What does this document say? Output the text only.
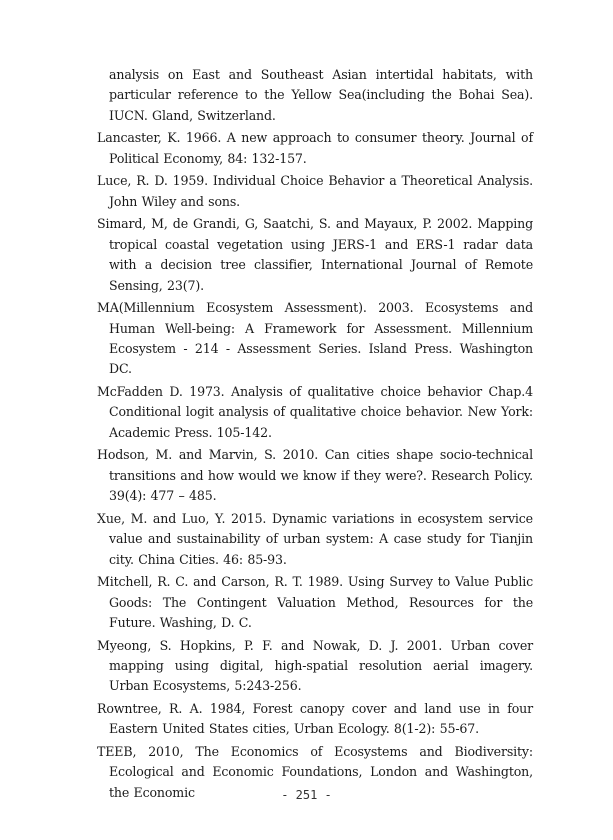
analysis on East and Southeast Asian intertidal habitats, with particular reference to the Yellow Sea(including the Bohai Sea). IUCN. Gland, Switzerland.

Lancaster, K. 1966. A new approach to consumer theory. Journal of Political Economy, 84: 132-157.

Luce, R. D. 1959. Individual Choice Behavior a Theoretical Analysis. John Wiley and sons.

Simard, M, de Grandi, G, Saatchi, S. and Mayaux, P. 2002. Mapping tropical coastal vegetation using JERS-1 and ERS-1 radar data with a decision tree classifier, International Journal of Remote Sensing, 23(7).

MA(Millennium Ecosystem Assessment). 2003. Ecosystems and Human Well-being: A Framework for Assessment. Millennium Ecosystem - 214 - Assessment Series. Island Press. Washington DC.

McFadden D. 1973. Analysis of qualitative choice behavior Chap.4 Conditional logit analysis of qualitative choice behavior. New York: Academic Press. 105-142.

Hodson, M. and Marvin, S. 2010. Can cities shape socio-technical transitions and how would we know if they were?. Research Policy. 39(4): 477 – 485.

Xue, M. and Luo, Y. 2015. Dynamic variations in ecosystem service value and sustainability of urban system: A case study for Tianjin city. China Cities. 46: 85-93.

Mitchell, R. C. and Carson, R. T. 1989. Using Survey to Value Public Goods: The Contingent Valuation Method, Resources for the Future. Washing, D. C.

Myeong, S. Hopkins, P. F. and Nowak, D. J. 2001. Urban cover mapping using digital, high-spatial resolution aerial imagery. Urban Ecosystems, 5:243-256.

Rowntree, R. A. 1984, Forest canopy cover and land use in four Eastern United States cities, Urban Ecology. 8(1-2): 55-67.

TEEB, 2010, The Economics of Ecosystems and Biodiversity: Ecological and Economic Foundations, London and Washington, the Economic	- 251 -
